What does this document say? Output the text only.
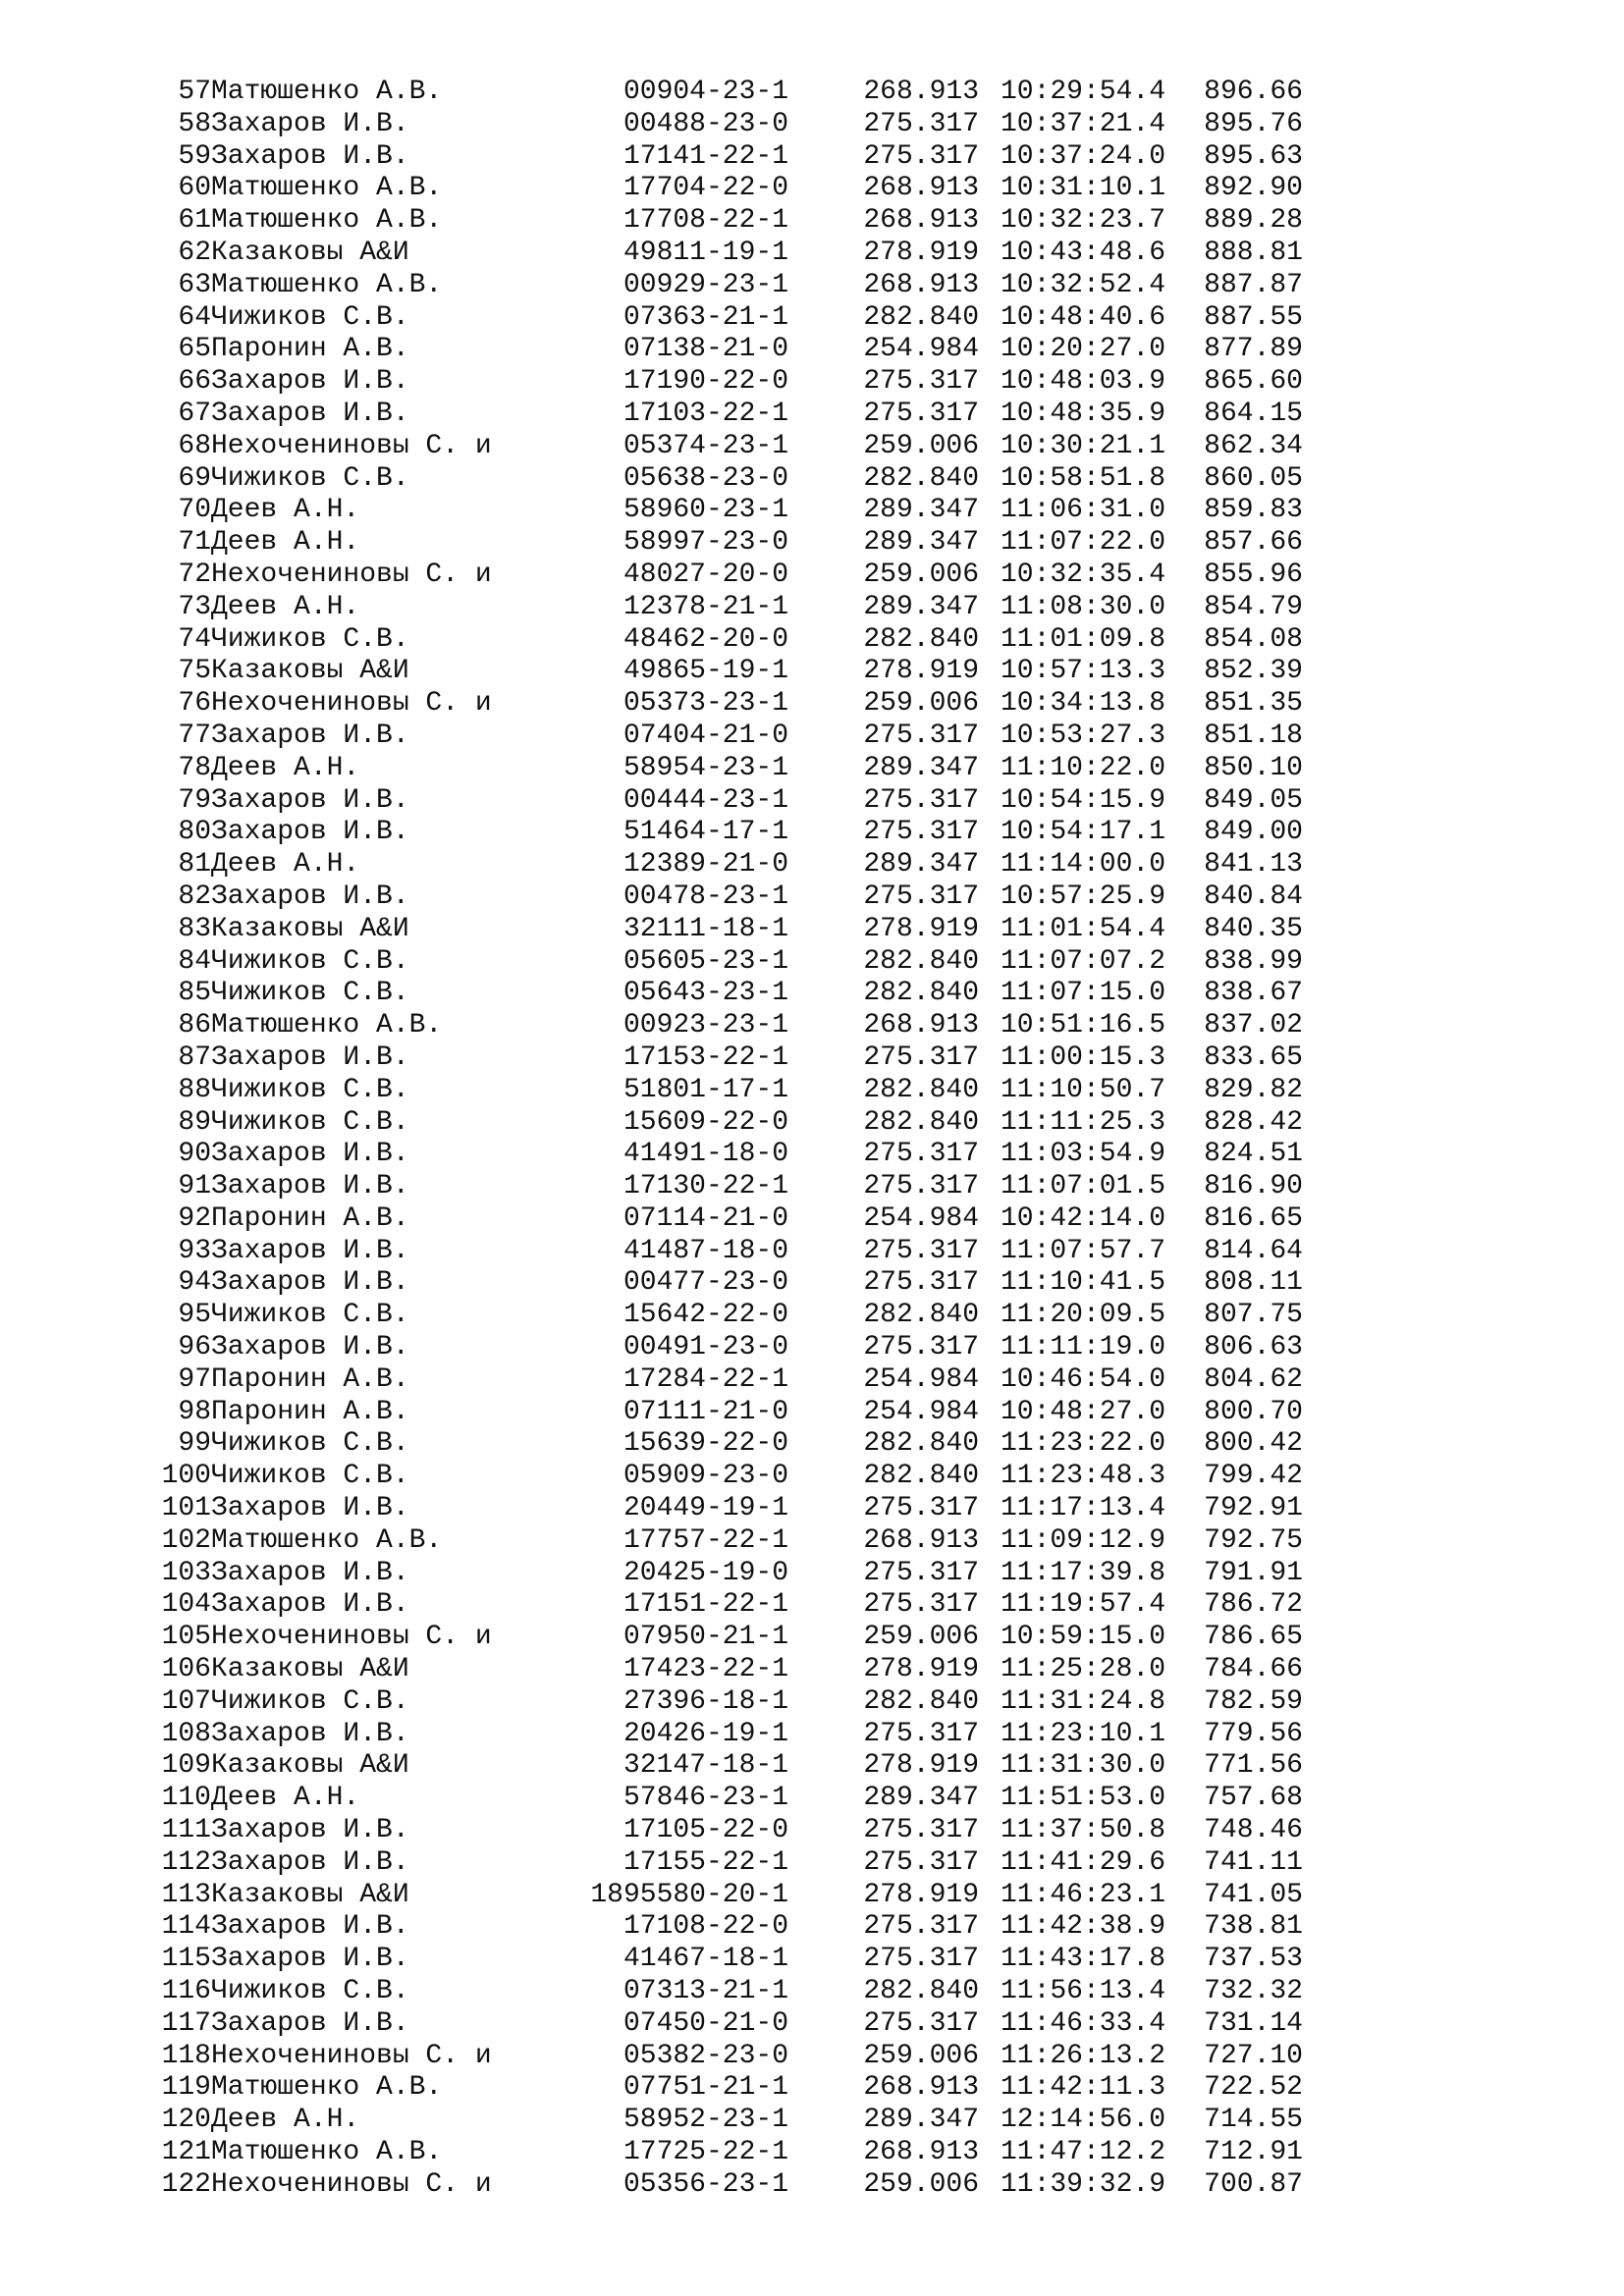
57	Матюшенко А.В.	00904-23-1	268.913	10:29:54.4	896.66
58	Захаров И.В.	00488-23-0	275.317	10:37:21.4	895.76
59	Захаров И.В.	17141-22-1	275.317	10:37:24.0	895.63
60	Матюшенко А.В.	17704-22-0	268.913	10:31:10.1	892.90
61	Матюшенко А.В.	17708-22-1	268.913	10:32:23.7	889.28
62	Казаковы А&И	49811-19-1	278.919	10:43:48.6	888.81
63	Матюшенко А.В.	00929-23-1	268.913	10:32:52.4	887.87
64	Чижиков С.В.	07363-21-1	282.840	10:48:40.6	887.55
65	Паронин А.В.	07138-21-0	254.984	10:20:27.0	877.89
66	Захаров И.В.	17190-22-0	275.317	10:48:03.9	865.60
67	Захаров И.В.	17103-22-1	275.317	10:48:35.9	864.15
68	Нехочениновы С. и	05374-23-1	259.006	10:30:21.1	862.34
69	Чижиков С.В.	05638-23-0	282.840	10:58:51.8	860.05
70	Деев А.Н.	58960-23-1	289.347	11:06:31.0	859.83
71	Деев А.Н.	58997-23-0	289.347	11:07:22.0	857.66
72	Нехочениновы С. и	48027-20-0	259.006	10:32:35.4	855.96
73	Деев А.Н.	12378-21-1	289.347	11:08:30.0	854.79
74	Чижиков С.В.	48462-20-0	282.840	11:01:09.8	854.08
75	Казаковы А&И	49865-19-1	278.919	10:57:13.3	852.39
76	Нехочениновы С. и	05373-23-1	259.006	10:34:13.8	851.35
77	Захаров И.В.	07404-21-0	275.317	10:53:27.3	851.18
78	Деев А.Н.	58954-23-1	289.347	11:10:22.0	850.10
79	Захаров И.В.	00444-23-1	275.317	10:54:15.9	849.05
80	Захаров И.В.	51464-17-1	275.317	10:54:17.1	849.00
81	Деев А.Н.	12389-21-0	289.347	11:14:00.0	841.13
82	Захаров И.В.	00478-23-1	275.317	10:57:25.9	840.84
83	Казаковы А&И	32111-18-1	278.919	11:01:54.4	840.35
84	Чижиков С.В.	05605-23-1	282.840	11:07:07.2	838.99
85	Чижиков С.В.	05643-23-1	282.840	11:07:15.0	838.67
86	Матюшенко А.В.	00923-23-1	268.913	10:51:16.5	837.02
87	Захаров И.В.	17153-22-1	275.317	11:00:15.3	833.65
88	Чижиков С.В.	51801-17-1	282.840	11:10:50.7	829.82
89	Чижиков С.В.	15609-22-0	282.840	11:11:25.3	828.42
90	Захаров И.В.	41491-18-0	275.317	11:03:54.9	824.51
91	Захаров И.В.	17130-22-1	275.317	11:07:01.5	816.90
92	Паронин А.В.	07114-21-0	254.984	10:42:14.0	816.65
93	Захаров И.В.	41487-18-0	275.317	11:07:57.7	814.64
94	Захаров И.В.	00477-23-0	275.317	11:10:41.5	808.11
95	Чижиков С.В.	15642-22-0	282.840	11:20:09.5	807.75
96	Захаров И.В.	00491-23-0	275.317	11:11:19.0	806.63
97	Паронин А.В.	17284-22-1	254.984	10:46:54.0	804.62
98	Паронин А.В.	07111-21-0	254.984	10:48:27.0	800.70
99	Чижиков С.В.	15639-22-0	282.840	11:23:22.0	800.42
100	Чижиков С.В.	05909-23-0	282.840	11:23:48.3	799.42
101	Захаров И.В.	20449-19-1	275.317	11:17:13.4	792.91
102	Матюшенко А.В.	17757-22-1	268.913	11:09:12.9	792.75
103	Захаров И.В.	20425-19-0	275.317	11:17:39.8	791.91
104	Захаров И.В.	17151-22-1	275.317	11:19:57.4	786.72
105	Нехочениновы С. и	07950-21-1	259.006	10:59:15.0	786.65
106	Казаковы А&И	17423-22-1	278.919	11:25:28.0	784.66
107	Чижиков С.В.	27396-18-1	282.840	11:31:24.8	782.59
108	Захаров И.В.	20426-19-1	275.317	11:23:10.1	779.56
109	Казаковы А&И	32147-18-1	278.919	11:31:30.0	771.56
110	Деев А.Н.	57846-23-1	289.347	11:51:53.0	757.68
111	Захаров И.В.	17105-22-0	275.317	11:37:50.8	748.46
112	Захаров И.В.	17155-22-1	275.317	11:41:29.6	741.11
113	Казаковы А&И	1895580-20-1	278.919	11:46:23.1	741.05
114	Захаров И.В.	17108-22-0	275.317	11:42:38.9	738.81
115	Захаров И.В.	41467-18-1	275.317	11:43:17.8	737.53
116	Чижиков С.В.	07313-21-1	282.840	11:56:13.4	732.32
117	Захаров И.В.	07450-21-0	275.317	11:46:33.4	731.14
118	Нехочениновы С. и	05382-23-0	259.006	11:26:13.2	727.10
119	Матюшенко А.В.	07751-21-1	268.913	11:42:11.3	722.52
120	Деев А.Н.	58952-23-1	289.347	12:14:56.0	714.55
121	Матюшенко А.В.	17725-22-1	268.913	11:47:12.2	712.91
122	Нехочениновы С. и	05356-23-1	259.006	11:39:32.9	700.87
